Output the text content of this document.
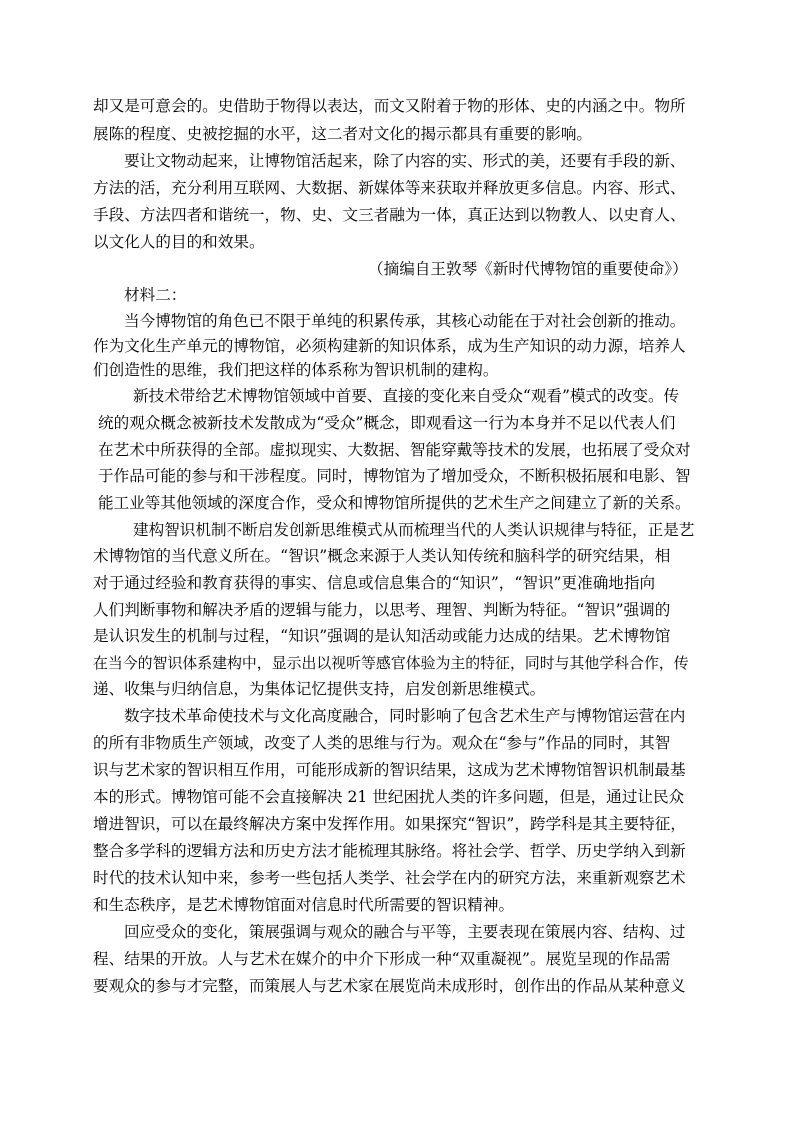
却又是可意会的。史借助于物得以表达，而文又附着于物的形体、史的内涵之中。物所
展陈的程度、史被挖掘的水平，这二者对文化的揭示都具有重要的影响。
要让文物动起来，让博物馆活起来，除了内容的实、形式的美，还要有手段的新、
方法的活，充分利用互联网、大数据、新媒体等来获取并释放更多信息。内容、形式、
手段、方法四者和谐统一，物、史、文三者融为一体，真正达到以物教人、以史育人、
以文化人的目的和效果。
（摘编自王敦琴《新时代博物馆的重要使命》）
材料二：
当今博物馆的角色已不限于单纯的积累传承，其核心动能在于对社会创新的推动。
作为文化生产单元的博物馆，必须构建新的知识体系，成为生产知识的动力源，培养人
们创造性的思维，我们把这样的体系称为智识机制的建构。
新技术带给艺术博物馆领域中首要、直接的变化来自受众“观看”模式的改变。传
统的观众概念被新技术发散成为“受众”概念，即观看这一行为本身并不足以代表人们
在艺术中所获得的全部。虚拟现实、大数据、智能穿戴等技术的发展，也拓展了受众对
于作品可能的参与和干涉程度。同时，博物馆为了增加受众，不断积极拓展和电影、智
能工业等其他领域的深度合作，受众和博物馆所提供的艺术生产之间建立了新的关系。
建构智识机制不断启发创新思维模式从而梳理当代的人类认识规律与特征，正是艺
术博物馆的当代意义所在。“智识”概念来源于人类认知传统和脑科学的研究结果，相
对于通过经验和教育获得的事实、信息或信息集合的“知识”，“智识”更准确地指向
人们判断事物和解决矛盾的逻辑与能力，以思考、理智、判断为特征。“智识”强调的
是认识发生的机制与过程，“知识”强调的是认知活动或能力达成的结果。艺术博物馆
在当今的智识体系建构中，显示出以视听等感官体验为主的特征，同时与其他学科合作，传
递、收集与归纳信息，为集体记忆提供支持，启发创新思维模式。
数字技术革命使技术与文化高度融合，同时影响了包含艺术生产与博物馆运营在内
的所有非物质生产领域，改变了人类的思维与行为。观众在“参与”作品的同时，其智
识与艺术家的智识相互作用，可能形成新的智识结果，这成为艺术博物馆智识机制最基
本的形式。博物馆可能不会直接解决 21 世纪困扰人类的许多问题，但是，通过让民众
增进智识，可以在最终解决方案中发挥作用。如果探究“智识”，跨学科是其主要特征，
整合多学科的逻辑方法和历史方法才能梳理其脉络。将社会学、哲学、历史学纳入到新
时代的技术认知中来，参考一些包括人类学、社会学在内的研究方法，来重新观察艺术
和生态秩序，是艺术博物馆面对信息时代所需要的智识精神。
回应受众的变化，策展强调与观众的融合与平等，主要表现在策展内容、结构、过
程、结果的开放。人与艺术在媒介的中介下形成一种“双重凝视”。展览呈现的作品需
要观众的参与才完整，而策展人与艺术家在展览尚未成形时，创作出的作品从某种意义
